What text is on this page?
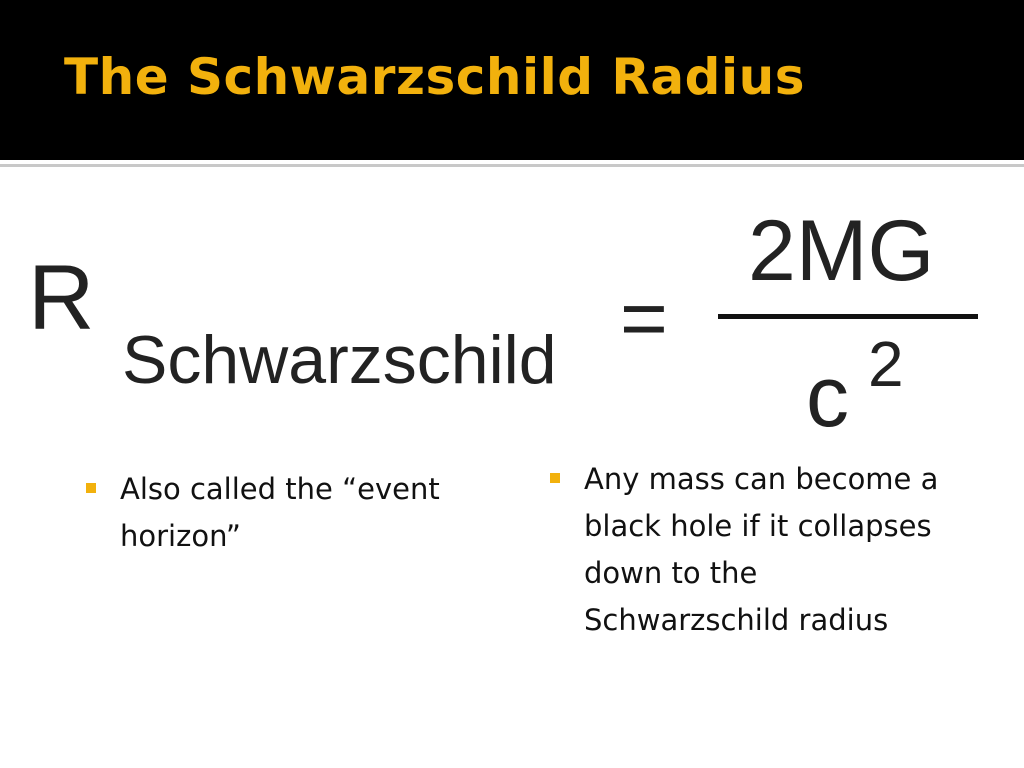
The Schwarzschild Radius
R
Schwarzschild =
2MG
c 2
Also called the “event horizon”
Any mass can become a black hole if it collapses down to the Schwarzschild radius
